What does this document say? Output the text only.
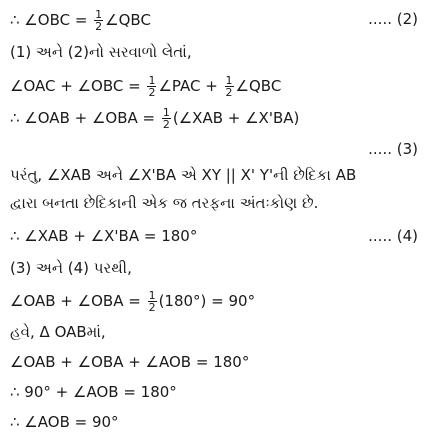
∴ ∠OBC = $\frac{1}{2}$ ∠QBC	..... (2)
(1) અને (2)નો સરવાળો લેતાં,
∠OAC + ∠OBC = $\frac{1}{2}$ ∠PAC + $\frac{1}{2}$ ∠QBC
∴ ∠OAB + ∠OBA = $\frac{1}{2}$ (∠XAB + ∠X'BA)
..... (3)
પરંતુ, ∠XAB અને ∠X'BA એ XY || X' Y'ની છેદિકા AB
દ્વારા બનતા છેદિકાની એક જ તરફના અંતઃકોણ છે.
∴ ∠XAB + ∠X'BA = 180°	..... (4)
(3) અને (4) પરથી,
∠OAB + ∠OBA = $\frac{1}{2} (180^\circ) = 90^\circ$
હવે, Δ OABમાં,
∠OAB + ∠OBA + ∠AOB = 180°
∴ 90° + ∠AOB = 180°
∴ ∠AOB = 90°
